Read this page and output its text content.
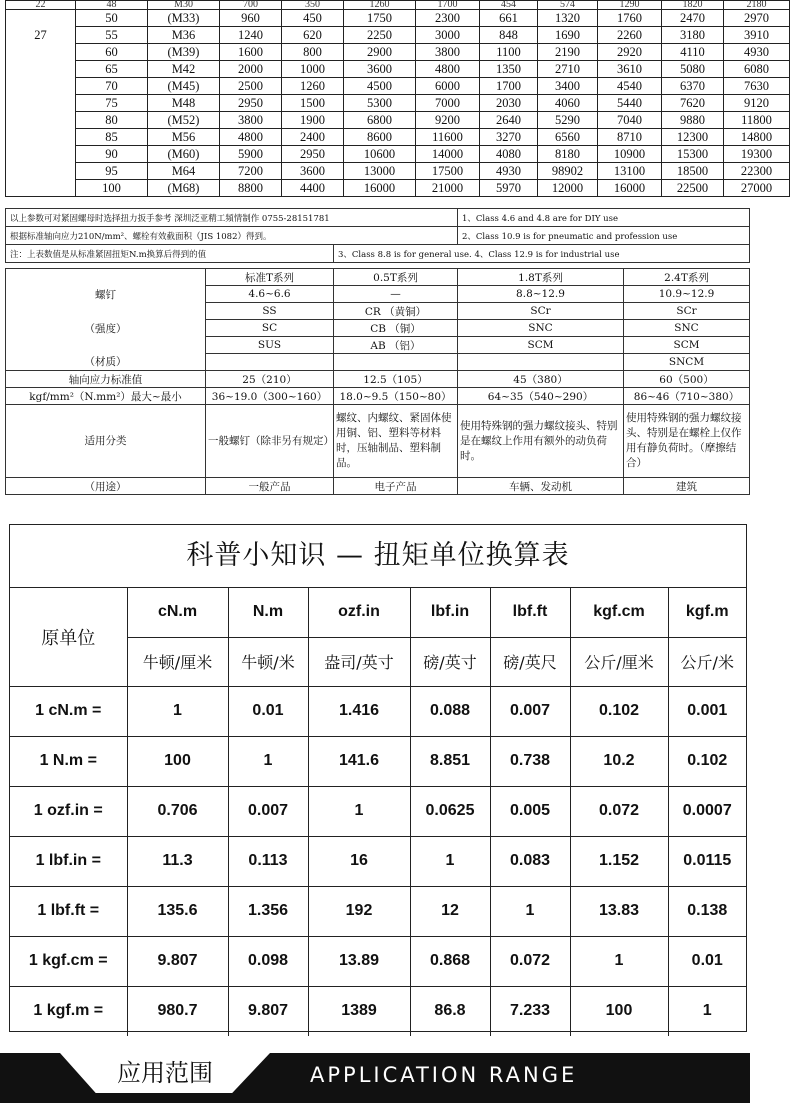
22	48	M30	700	350	1260	1700	454	574	1290	1820	2180
	50	(M33)	960	450	1750	2300	661	1320	1760	2470	2970
27	55	M36	1240	620	2250	3000	848	1690	2260	3180	3910
	60	(M39)	1600	800	2900	3800	1100	2190	2920	4110	4930
	65	M42	2000	1000	3600	4800	1350	2710	3610	5080	6080
	70	(M45)	2500	1260	4500	6000	1700	3400	4540	6370	7630
	75	M48	2950	1500	5300	7000	2030	4060	5440	7620	9120
	80	(M52)	3800	1900	6800	9200	2640	5290	7040	9880	11800
	85	M56	4800	2400	8600	11600	3270	6560	8710	12300	14800
	90	(M60)	5900	2950	10600	14000	4080	8180	10900	15300	19300
	95	M64	7200	3600	13000	17500	4930	98902	13100	18500	22300
	100	(M68)	8800	4400	16000	21000	5970	12000	16000	22500	27000
以上参数可对紧固螺母时选择扭力扳手参考 深圳泛亚精工頻情制作 0755-28151781		1、Class 4.6 and 4.8 are for DIY use
根据标准轴向应力210N/mm²、螺栓有效截面积（JIS 1082）得到。		2、Class 10.9 is for pneumatic and profession use
注：上表数值是从标准紧固扭矩N.m换算后得到的值	3、Class 8.8 is for general use. 4、Class 12.9 is for industrial use	
	标准T系列	0.5T系列	1.8T系列	2.4T系列
螺钉	4.6~6.6	—	8.8~12.9	10.9~12.9
	SS	CR （黄铜）	SCr	SCr
（强度）	SC	CB （铜）	SNC	SNC
	SUS	AB （铝）	SCM	SCM
（材质）				SNCM
轴向应力标准值	25（210）	12.5（105）	45（380）	60（500）
kgf/mm²（N.mm²）最大~最小	36~19.0（300~160）	18.0~9.5（150~80）	64~35（540~290）	86~46（710~380）
适用分类	一般螺钉（除非另有规定）	螺纹、内螺纹、紧固体使用铜、铝、塑料等材料时，压轴制品、塑料制品。	使用特殊钢的强力螺纹接头、特别是在螺纹上作用有额外的动负荷时。	使用特殊钢的强力螺纹接头、特别是在螺栓上仅作用有静负荷时。（摩擦结合）
（用途）	一般产品	电子产品	车辆、发动机	建筑
科普小知识 — 扭矩单位换算表
原单位	cN.m	N.m	ozf.in	lbf.in	lbf.ft	kgf.cm	kgf.m
	牛顿/厘米	牛顿/米	盎司/英寸	磅/英寸	磅/英尺	公斤/厘米	公斤/米
1 cN.m =	1	0.01	1.416	0.088	0.007	0.102	0.001
1 N.m =	100	1	141.6	8.851	0.738	10.2	0.102
1 ozf.in =	0.706	0.007	1	0.0625	0.005	0.072	0.0007
1 lbf.in =	11.3	0.113	16	1	0.083	1.152	0.0115
1 lbf.ft =	135.6	1.356	192	12	1	13.83	0.138
1 kgf.cm =	9.807	0.098	13.89	0.868	0.072	1	0.01
1 kgf.m =	980.7	9.807	1389	86.8	7.233	100	1
应用范围	APPLICATION RANGE
